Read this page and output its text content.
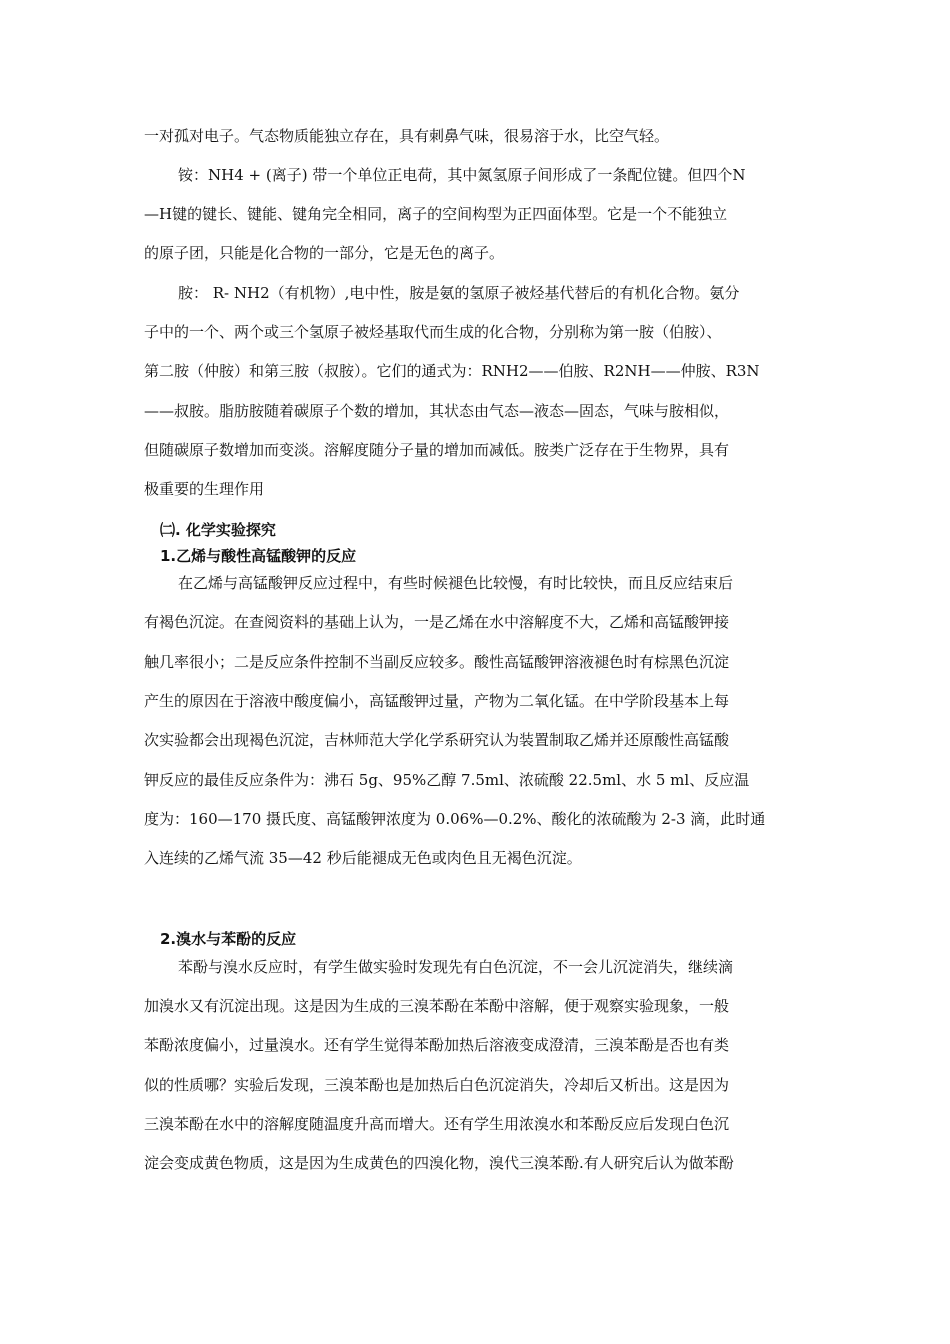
一对孤对电子。气态物质能独立存在，具有刺鼻气味，很易溶于水，比空气轻。
铵：NH4 + (离子) 带一个单位正电荷，其中氮氢原子间形成了一条配位键。但四个N
—H键的键长、键能、键角完全相同，离子的空间构型为正四面体型。它是一个不能独立
的原子团，只能是化合物的一部分，它是无色的离子。
胺： R- NH2（有机物）,电中性，胺是氨的氢原子被烃基代替后的有机化合物。氨分
子中的一个、两个或三个氢原子被烃基取代而生成的化合物，分别称为第一胺（伯胺）、
第二胺（仲胺）和第三胺（叔胺）。它们的通式为：RNH2——伯胺、R2NH——仲胺、R3N
——叔胺。脂肪胺随着碳原子个数的增加，其状态由气态—液态—固态，气味与胺相似，
但随碳原子数增加而变淡。溶解度随分子量的增加而减低。胺类广泛存在于生物界，具有
极重要的生理作用
㈡. 化学实验探究
1.乙烯与酸性高锰酸钾的反应
在乙烯与高锰酸钾反应过程中，有些时候褪色比较慢，有时比较快，而且反应结束后
有褐色沉淀。在查阅资料的基础上认为，一是乙烯在水中溶解度不大，乙烯和高锰酸钾接
触几率很小；二是反应条件控制不当副反应较多。酸性高锰酸钾溶液褪色时有棕黑色沉淀
产生的原因在于溶液中酸度偏小，高锰酸钾过量，产物为二氧化锰。在中学阶段基本上每
次实验都会出现褐色沉淀，吉林师范大学化学系研究认为装置制取乙烯并还原酸性高锰酸
钾反应的最佳反应条件为：沸石 5g、95%乙醇 7.5ml、浓硫酸 22.5ml、水 5 ml、反应温
度为：160—170 摄氏度、高锰酸钾浓度为 0.06%—0.2%、酸化的浓硫酸为 2-3 滴，此时通
入连续的乙烯气流 35—42 秒后能褪成无色或肉色且无褐色沉淀。
2.溴水与苯酚的反应
苯酚与溴水反应时，有学生做实验时发现先有白色沉淀，不一会儿沉淀消失，继续滴
加溴水又有沉淀出现。这是因为生成的三溴苯酚在苯酚中溶解，便于观察实验现象，一般
苯酚浓度偏小，过量溴水。还有学生觉得苯酚加热后溶液变成澄清，三溴苯酚是否也有类
似的性质哪？实验后发现，三溴苯酚也是加热后白色沉淀消失，冷却后又析出。这是因为
三溴苯酚在水中的溶解度随温度升高而增大。还有学生用浓溴水和苯酚反应后发现白色沉
淀会变成黄色物质，这是因为生成黄色的四溴化物，溴代三溴苯酚.有人研究后认为做苯酚
